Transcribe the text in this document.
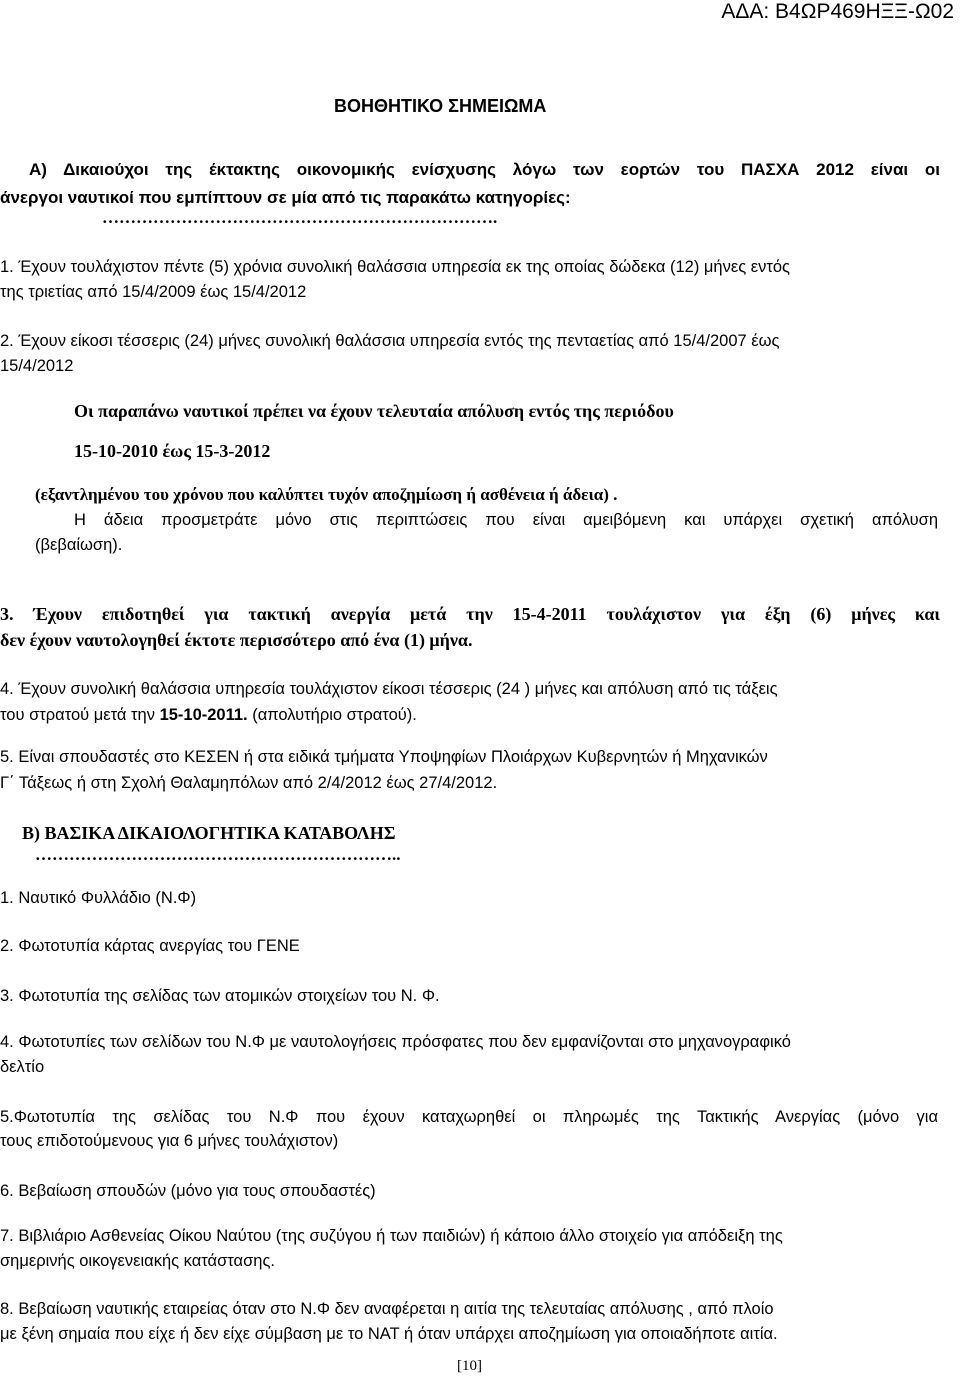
ΑΔΑ: Β4ΩΡ469ΗΞΞ-Ω02
ΒΟΗΘΗΤΙΚΟ ΣΗΜΕΙΩΜΑ
Α) Δικαιούχοι της έκτακτης οικονομικής ενίσχυσης λόγω των εορτών του ΠΑΣΧΑ 2012 είναι οι
άνεργοι ναυτικοί που εμπίπτουν σε μία από τις παρακάτω κατηγορίες:
…………………………………………………………….
1. Έχουν τουλάχιστον πέντε (5) χρόνια συνολική θαλάσσια υπηρεσία εκ της οποίας δώδεκα (12) μήνες εντός
της τριετίας από 15/4/2009 έως 15/4/2012
2. Έχουν είκοσι τέσσερις (24) μήνες συνολική θαλάσσια υπηρεσία εντός της πενταετίας από 15/4/2007 έως
15/4/2012
Οι παραπάνω ναυτικοί πρέπει να έχουν τελευταία απόλυση εντός της περιόδου
15-10-2010 έως 15-3-2012
(εξαντλημένου του χρόνου που καλύπτει τυχόν αποζημίωση ή ασθένεια ή άδεια) .
Η άδεια προσμετράτε μόνο στις περιπτώσεις που είναι αμειβόμενη και υπάρχει σχετική απόλυση
(βεβαίωση).
3. Έχουν επιδοτηθεί για τακτική ανεργία μετά την 15-4-2011 τουλάχιστον για έξη (6) μήνες και
δεν έχουν ναυτολογηθεί έκτοτε περισσότερο από ένα (1) μήνα.
4. Έχουν συνολική θαλάσσια υπηρεσία τουλάχιστον είκοσι τέσσερις (24 ) μήνες και απόλυση από τις τάξεις
του στρατού μετά την 15-10-2011. (απολυτήριο στρατού).
5. Είναι σπουδαστές στο ΚΕΣΕΝ ή στα ειδικά τμήματα Υποψηφίων Πλοιάρχων Κυβερνητών ή Μηχανικών
Γ΄ Τάξεως ή στη Σχολή Θαλαμηπόλων από 2/4/2012 έως 27/4/2012.
Β) ΒΑΣΙΚΑ ΔΙΚΑΙΟΛΟΓΗΤΙΚΑ ΚΑΤΑΒΟΛΗΣ
………………………………………………………..
1. Ναυτικό Φυλλάδιο (Ν.Φ)
2. Φωτοτυπία κάρτας ανεργίας του ΓΕΝΕ
3. Φωτοτυπία της σελίδας των ατομικών στοιχείων του Ν. Φ.
4. Φωτοτυπίες των σελίδων του Ν.Φ με ναυτολογήσεις πρόσφατες που δεν εμφανίζονται στο μηχανογραφικό
δελτίο
5.Φωτοτυπία της σελίδας του Ν.Φ που έχουν καταχωρηθεί οι πληρωμές της Τακτικής Ανεργίας (μόνο για
τους επιδοτούμενους για 6 μήνες τουλάχιστον)
6. Βεβαίωση σπουδών (μόνο για τους σπουδαστές)
7. Βιβλιάριο Ασθενείας Οίκου Ναύτου (της συζύγου ή των παιδιών) ή κάποιο άλλο στοιχείο για απόδειξη της
σημερινής οικογενειακής κατάστασης.
8. Βεβαίωση ναυτικής εταιρείας όταν στο Ν.Φ δεν αναφέρεται η αιτία της τελευταίας απόλυσης , από πλοίο
με ξένη σημαία που είχε ή δεν είχε σύμβαση με το ΝΑΤ ή όταν υπάρχει αποζημίωση για οποιαδήποτε αιτία.
[10]
